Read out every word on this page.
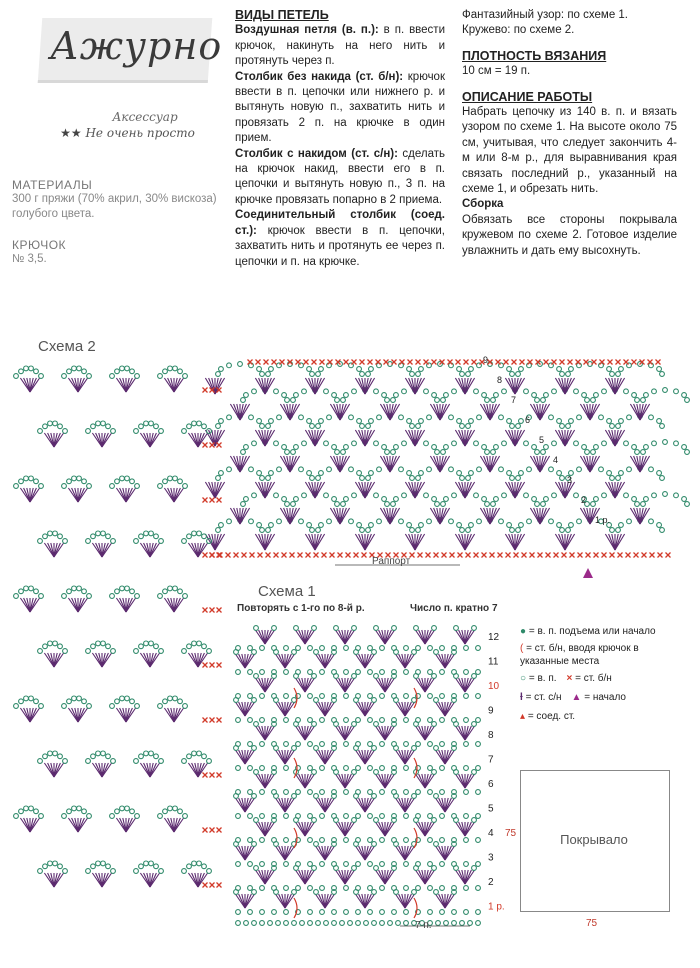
Ажурно
Аксессуар
★★ Не очень просто
МАТЕРИАЛЫ
300 г пряжи (70% акрил, 30% вискоза) голубого цвета.
КРЮЧОК
№ 3,5.
ВИДЫ ПЕТЕЛЬ
Воздушная петля (в. п.): в п. ввести крючок, накинуть на него нить и протянуть через п.
Столбик без накида (ст. б/н): крючок ввести в п. цепочки или нижнего р. и вытянуть новую п., захватить нить и провязать 2 п. на крючке в один прием.
Столбик с накидом (ст. с/н): сделать на крючок накид, ввести его в п. цепочки и вытянуть новую п., 3 п. на крючке провязать попарно в 2 приема.
Соединительный столбик (соед. ст.): крючок ввести в п. цепочки, захватить нить и протянуть ее через п. цепочки и п. на крючке.
Фантазийный узор: по схеме 1.
Кружево: по схеме 2.
ПЛОТНОСТЬ ВЯЗАНИЯ
10 см = 19 п.
ОПИСАНИЕ РАБОТЫ
Набрать цепочку из 140 в. п. и вязать узором по схеме 1. На высоте около 75 см, учитывая, что следует закончить 4-м или 8-м р., для выравнивания края связать последний р., указанный на схеме 1, и обрезать нить.
Сборка
Обвязать все стороны покрывала кружевом по схеме 2. Готовое изделие увлажнить и дать ему высохнуть.
Схема 2
1 р.
2
3
4
5
6
7
8
9
Раппорт
Схема 1
Повторять с 1-го по 8-й р.	Число п. кратно 7
12
11
10
9
8
7
6
5
4
3
2
1 р.
7 п.
● = в. п. подъема или начало
( = ст. б/н, вводя крючок в указанные места
○ = в. п. × = ст. б/н
ƚ = ст. с/н ▲ = начало
▴ = соед. ст.
Покрывало
75
75
